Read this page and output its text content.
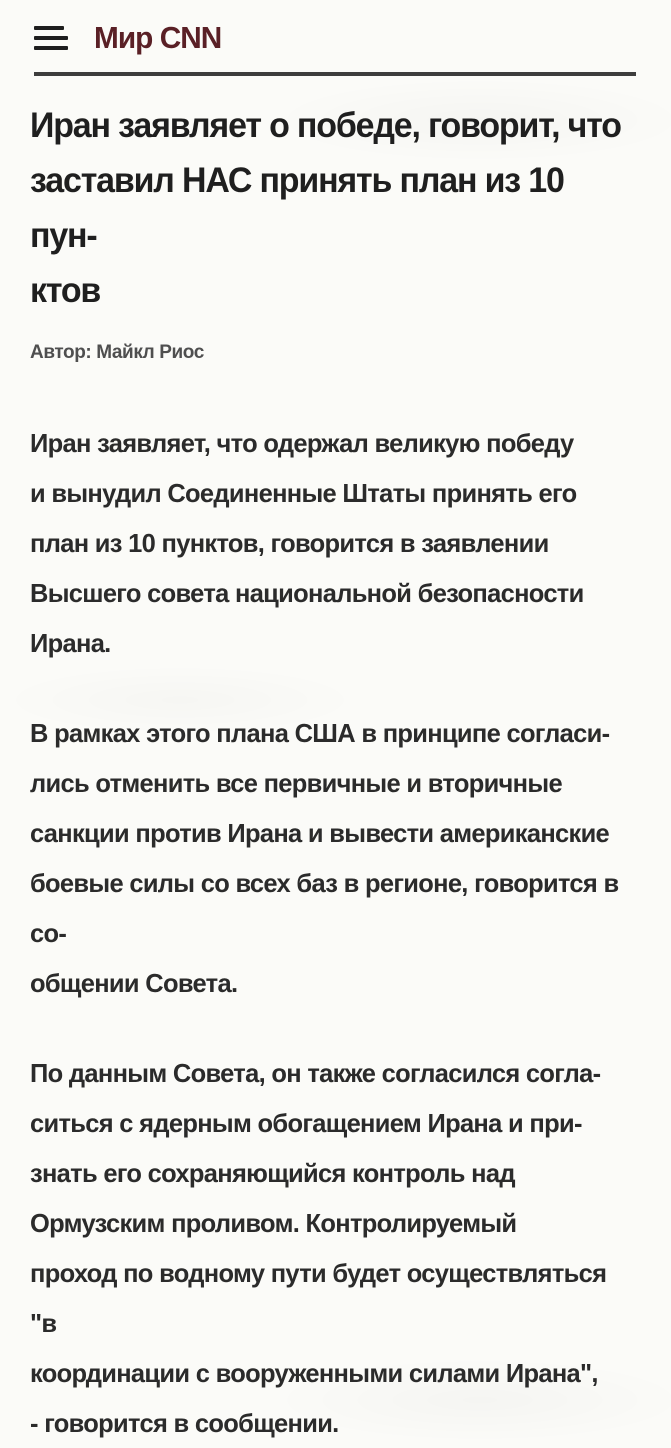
Мир CNN
Иран заявляет о победе, говорит, что
заставил НАС принять план из 10 пун-
ктов
Автор: Майкл Риос

Иран заявляет, что одержал великую победу
и вынудил Соединенные Штаты принять его
план из 10 пунктов, говорится в заявлении
Высшего совета национальной безопасности
Ирана.

В рамках этого плана США в принципе согласи-
лись отменить все первичные и вторичные
санкции против Ирана и вывести американские
боевые силы со всех баз в регионе, говорится в со-
общении Совета.

По данным Совета, он также согласился согла-
ситься с ядерным обогащением Ирана и при-
знать его сохраняющийся контроль над
Ормузским проливом. Контролируемый
проход по водному пути будет осуществляться "в
координации с вооруженными силами Ирана",
- говорится в сообщении.
